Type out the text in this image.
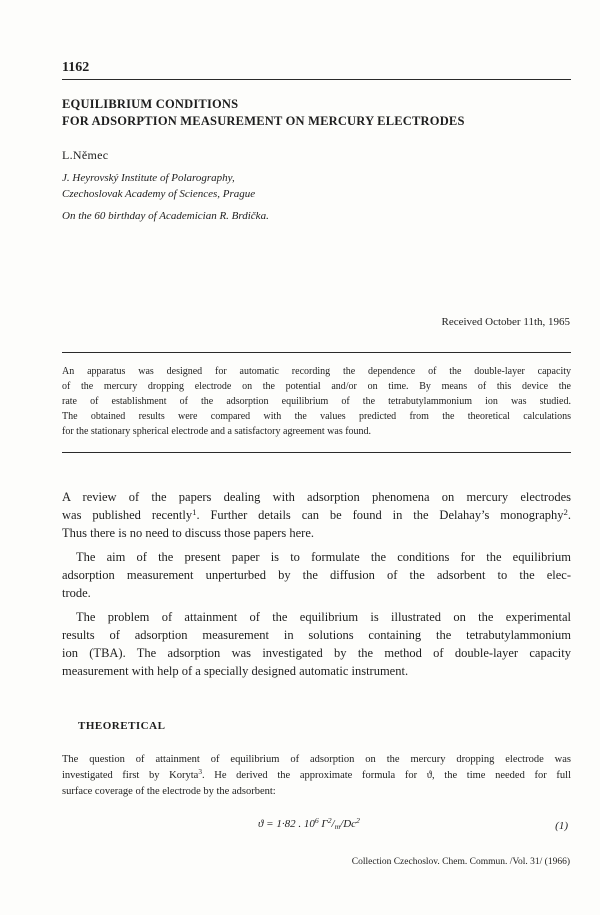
1162
EQUILIBRIUM CONDITIONS
FOR ADSORPTION MEASUREMENT ON MERCURY ELECTRODES
L.Němec
J. Heyrovský Institute of Polarography,
Czechoslovak Academy of Sciences, Prague
On the 60 birthday of Academician R. Brdička.
Received October 11th, 1965
An apparatus was designed for automatic recording the dependence of the double-layer capacity
of the mercury dropping electrode on the potential and/or on time. By means of this device the
rate of establishment of the adsorption equilibrium of the tetrabutylammonium ion was studied.
The obtained results were compared with the values predicted from the theoretical calculations
for the stationary spherical electrode and a satisfactory agreement was found.
A review of the papers dealing with adsorption phenomena on mercury electrodes
was published recently$^1$. Further details can be found in the Delahay’s monography$^2$.
Thus there is no need to discuss those papers here.
The aim of the present paper is to formulate the conditions for the equilibrium
adsorption measurement unperturbed by the diffusion of the adsorbent to the elec-
trode.
The problem of attainment of the equilibrium is illustrated on the experimental
results of adsorption measurement in solutions containing the tetrabutylammonium
ion (TBA). The adsorption was investigated by the method of double-layer capacity
measurement with help of a specially designed automatic instrument.
THEORETICAL
The question of attainment of equilibrium of adsorption on the mercury dropping electrode was
investigated first by Koryta$^3$. He derived the approximate formula for ϑ, the time needed for full
surface coverage of the electrode by the adsorbent:
ϑ = 1·82 . $10^6$ $\Gamma^2/_m/Dc^2$	(1)
Collection Czechoslov. Chem. Commun. /Vol. 31/ (1966)
